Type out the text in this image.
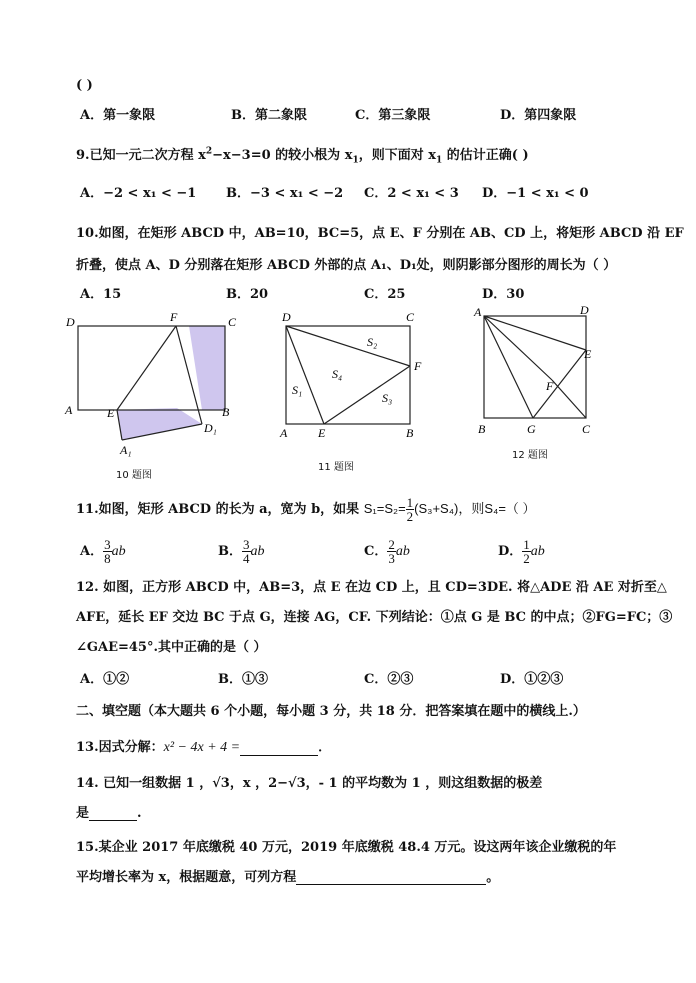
( )
A．第一象限	B．第二象限	C．第三象限	D．第四象限
9.已知一元二次方程 $x^2-x-3=0$ 的较小根为 $x_1$，则下面对 $x_1$ 的估计正确( )
A．−2 < x₁ < −1 B．−3 < x₁ < −2 C．2 < x₁ < 3 D．−1 < x₁ < 0
10.如图，在矩形 ABCD 中，AB=10，BC=5，点 E、F 分别在 AB、CD 上，将矩形 ABCD 沿 EF
折叠，使点 A、D 分别落在矩形 ABCD 外部的点 A₁、D₁处，则阴影部分图形的周长为（ ）
A．15	B．20	C．25	D．30
D	F	C
A	E	B
D₁
A₁
10 题图
D	C
S₂
S₄
F
S₁
S₃
A	E	B
11 题图
A	D
E
F
B	G	C
12 题图
11.如图，矩形 ABCD 的长为 a，宽为 b，如果 $S_1=S_2= \frac{1}{2} (S_3+S_4)$，则S₄=（ ）
A． $\frac{3}{8}$ ab	B． $\frac{3}{4}$ ab	C． $\frac{2}{3}$ ab	D． $\frac{1}{2}$ ab
12. 如图，正方形 ABCD 中，AB=3，点 E 在边 CD 上，且 CD=3DE. 将△ADE 沿 AE 对折至△
AFE，延长 EF 交边 BC 于点 G，连接 AG，CF. 下列结论：①点 G 是 BC 的中点；②FG=FC；③
∠GAE=45°.其中正确的是（ ）
A．①②	B．①③	C．②③	D．①②③
二、填空题（本大题共 6 个小题，每小题 3 分，共 18 分．把答案填在题中的横线上.）
13.因式分解：x² − 4x + 4 =	．
14. 已知一组数据 1 ，√3，x ，2−√3，- 1 的平均数为 1 ，则这组数据的极差
是	.
15.某企业 2017 年底缴税 40 万元，2019 年底缴税 48.4 万元。设这两年该企业缴税的年
平均增长率为 x，根据题意，可列方程	。
